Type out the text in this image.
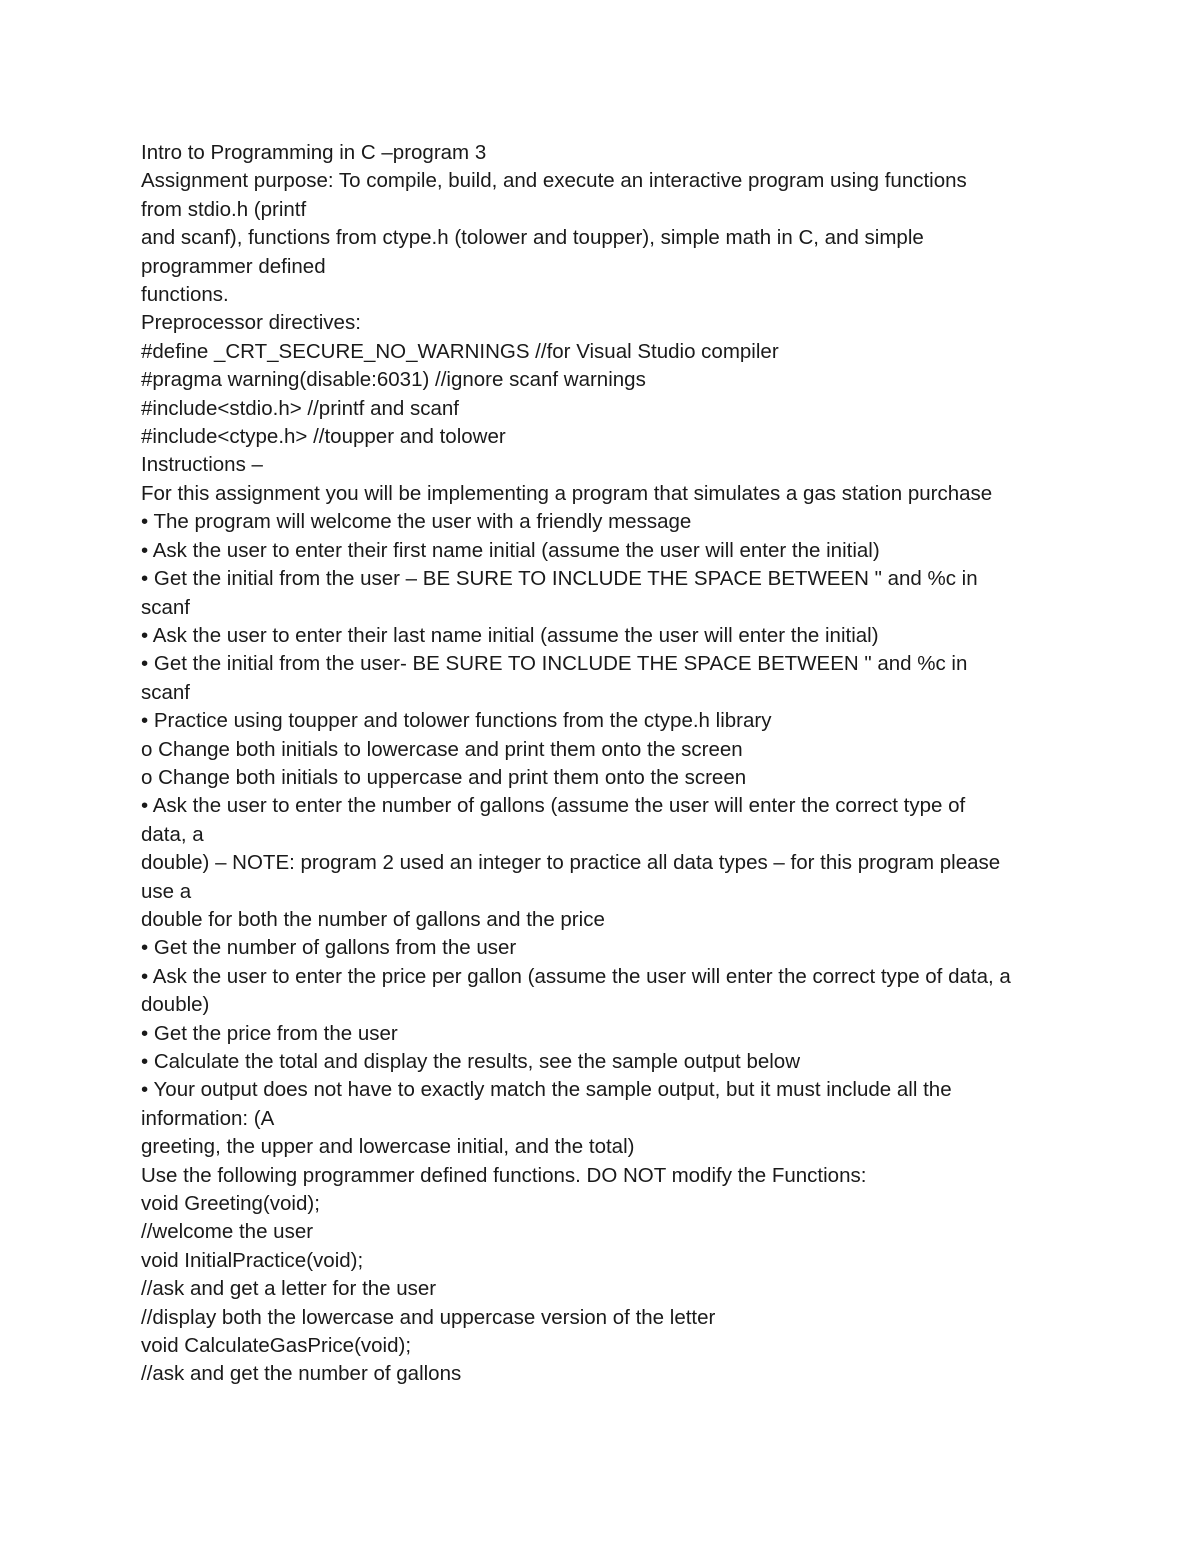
Intro to Programming in C –program 3
Assignment purpose: To compile, build, and execute an interactive program using functions
from stdio.h (printf
and scanf), functions from ctype.h (tolower and toupper), simple math in C, and simple
programmer defined
functions.
Preprocessor directives:
#define _CRT_SECURE_NO_WARNINGS //for Visual Studio compiler
#pragma warning(disable:6031) //ignore scanf warnings
#include<stdio.h> //printf and scanf
#include<ctype.h> //toupper and tolower
Instructions –
For this assignment you will be implementing a program that simulates a gas station purchase
• The program will welcome the user with a friendly message
• Ask the user to enter their first name initial (assume the user will enter the initial)
• Get the initial from the user – BE SURE TO INCLUDE THE SPACE BETWEEN " and %c in
scanf
• Ask the user to enter their last name initial (assume the user will enter the initial)
• Get the initial from the user- BE SURE TO INCLUDE THE SPACE BETWEEN " and %c in
scanf
• Practice using toupper and tolower functions from the ctype.h library
o Change both initials to lowercase and print them onto the screen
o Change both initials to uppercase and print them onto the screen
• Ask the user to enter the number of gallons (assume the user will enter the correct type of
data, a
double) – NOTE: program 2 used an integer to practice all data types – for this program please
use a
double for both the number of gallons and the price
• Get the number of gallons from the user
• Ask the user to enter the price per gallon (assume the user will enter the correct type of data, a
double)
• Get the price from the user
• Calculate the total and display the results, see the sample output below
• Your output does not have to exactly match the sample output, but it must include all the
information: (A
greeting, the upper and lowercase initial, and the total)
Use the following programmer defined functions. DO NOT modify the Functions:
void Greeting(void);
//welcome the user
void InitialPractice(void);
//ask and get a letter for the user
//display both the lowercase and uppercase version of the letter
void CalculateGasPrice(void);
//ask and get the number of gallons
